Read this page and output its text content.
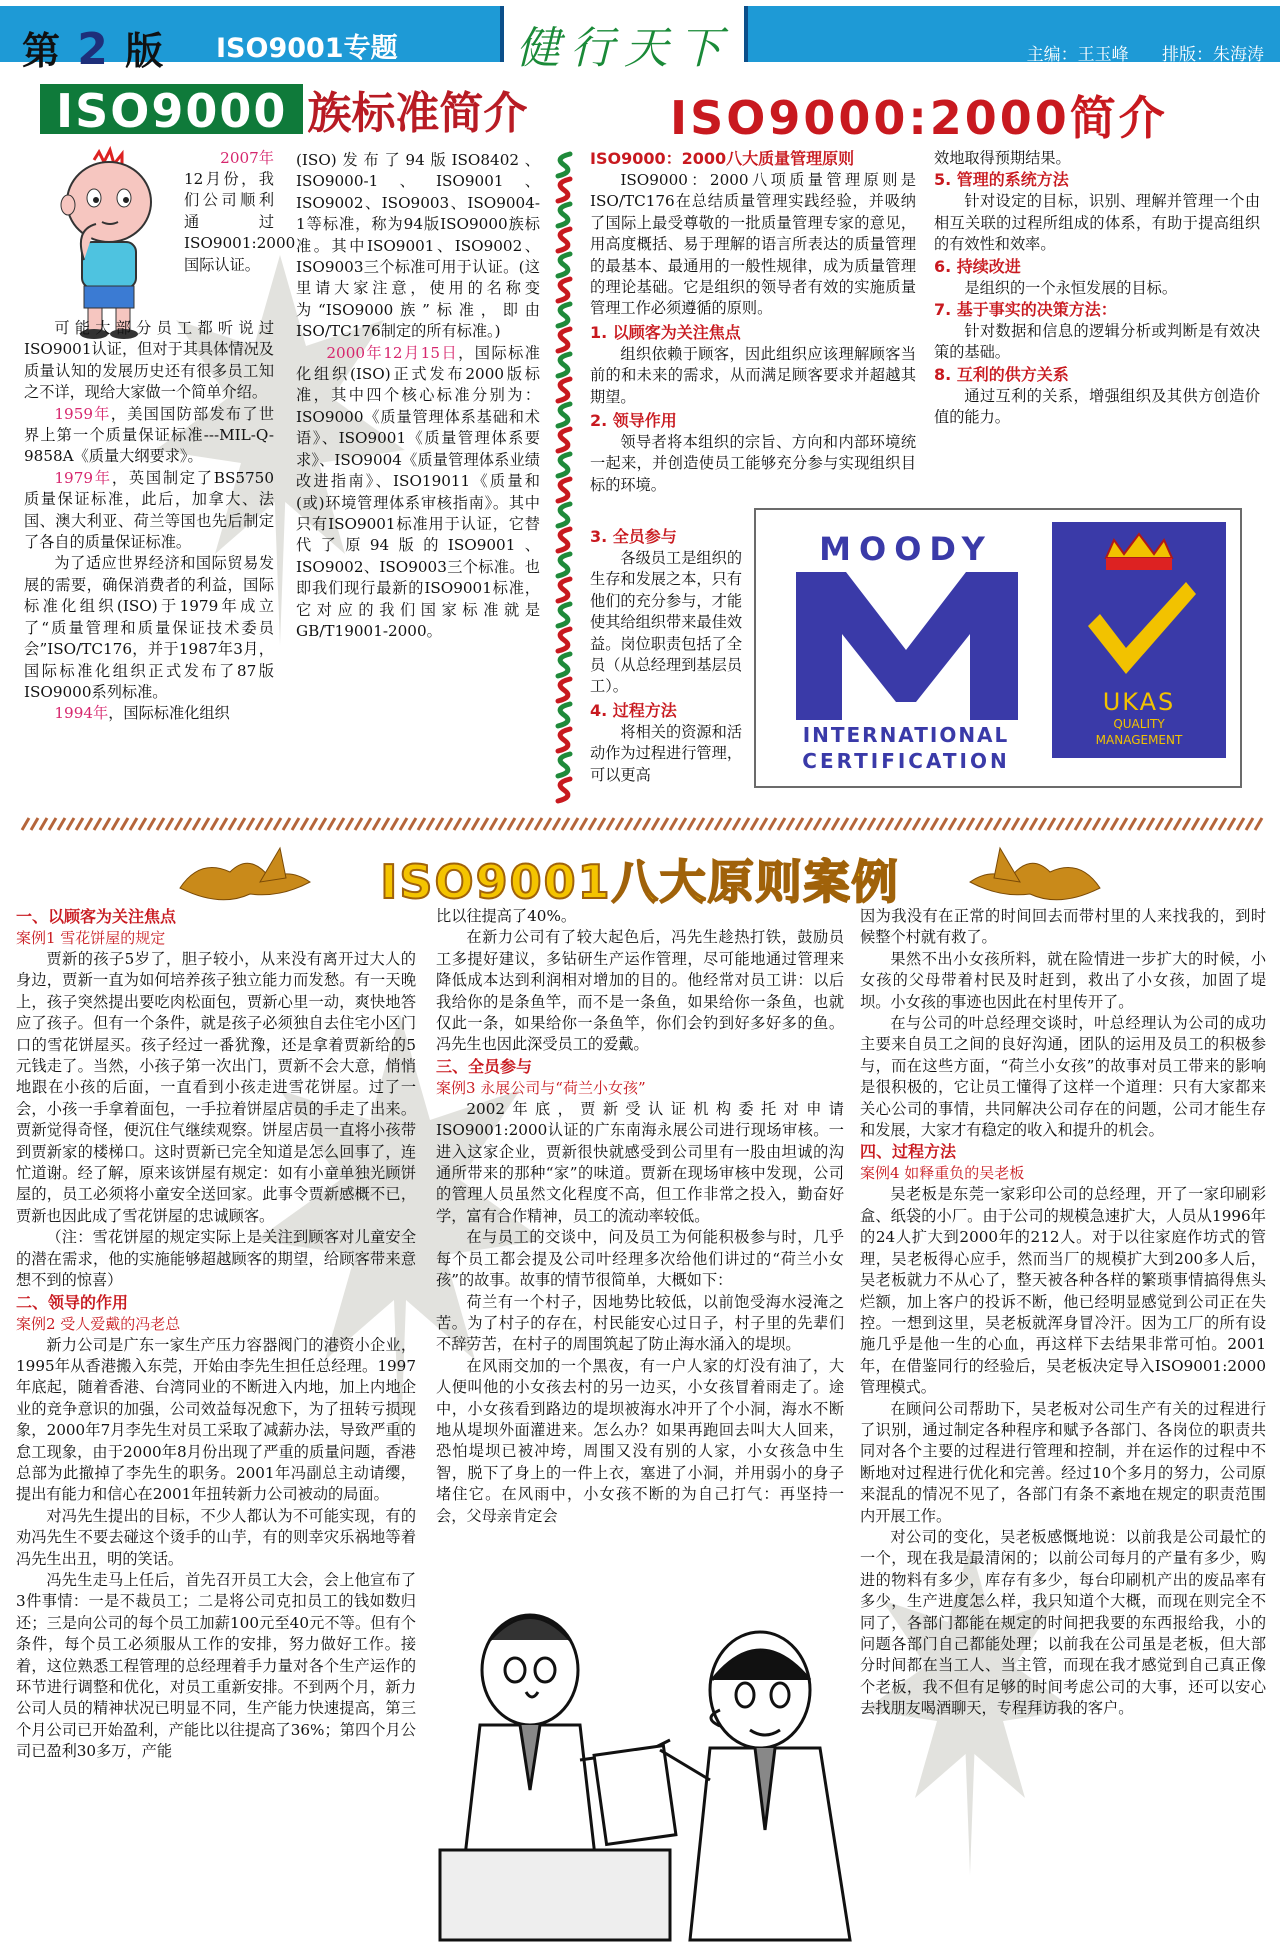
健行天下
第 2 版 ISO9001专题	主编：王玉峰 排版：朱海涛
ISO9000 族标准简介	ISO9000:2000简介

2007年

12月份，我们公司顺利通过ISO9001:2000国际认证。

可能大部分员工都听说过ISO9001认证，但对于其具体情况及质量认知的发展历史还有很多员工知之不详，现给大家做一个简单介绍。

1959年，美国国防部发布了世界上第一个质量保证标准---MIL-Q-9858A《质量大纲要求》。

1979年，英国制定了BS5750质量保证标准，此后，加拿大、法国、澳大利亚、荷兰等国也先后制定了各自的质量保证标准。

为了适应世界经济和国际贸易发展的需要，确保消费者的利益，国际标准化组织(ISO)于1979年成立了“质量管理和质量保证技术委员会”ISO/TC176，并于1987年3月，国际标准化组织正式发布了87版ISO9000系列标准。

1994年，国际标准化组织

(ISO)发布了94版ISO8402、ISO9000-1、ISO9001、ISO9002、ISO9003、ISO9004-1等标准，称为94版ISO9000族标准。其中ISO9001、ISO9002、ISO9003三个标准可用于认证。(这里请大家注意，使用的名称变为“ISO9000族”标准，即由ISO/TC176制定的所有标准。)

2000年12月15日，国际标准化组织(ISO)正式发布2000版标准，其中四个核心标准分别为：ISO9000《质量管理体系基础和术语》、ISO9001《质量管理体系要求》、ISO9004《质量管理体系业绩改进指南》、ISO19011《质量和(或)环境管理体系审核指南》。其中只有ISO9001标准用于认证，它替代了原94版的ISO9001、ISO9002、ISO9003三个标准。也即我们现行最新的ISO9001标准，它对应的我们国家标准就是GB/T19001-2000。

ISO9000：2000八大质量管理原则

ISO9000：2000八项质量管理原则是ISO/TC176在总结质量管理实践经验，并吸纳了国际上最受尊敬的一批质量管理专家的意见，用高度概括、易于理解的语言所表达的质量管理的最基本、最通用的一般性规律，成为质量管理的理论基础。它是组织的领导者有效的实施质量管理工作必须遵循的原则。

1. 以顾客为关注焦点

组织依赖于顾客，因此组织应该理解顾客当前的和未来的需求，从而满足顾客要求并超越其期望。

2. 领导作用

领导者将本组织的宗旨、方向和内部环境统一起来，并创造使员工能够充分参与实现组织目标的环境。

3. 全员参与

各级员工是组织的生存和发展之本，只有他们的充分参与，才能使其给组织带来最佳效益。岗位职责包括了全员（从总经理到基层员工）。

4. 过程方法

将相关的资源和活动作为过程进行管理，可以更高

效地取得预期结果。

5. 管理的系统方法

针对设定的目标，识别、理解并管理一个由相互关联的过程所组成的体系，有助于提高组织的有效性和效率。

6. 持续改进

是组织的一个永恒发展的目标。

7. 基于事实的决策方法：

针对数据和信息的逻辑分析或判断是有效决策的基础。

8. 互利的供方关系

通过互利的关系，增强组织及其供方创造价值的能力。

MOODY
INTERNATIONAL
CERTIFICATION
UKAS
QUALITY
MANAGEMENT
ISO9001八大原则案例
一、以顾客为关注焦点
案例1 雪花饼屋的规定

贾新的孩子5岁了，胆子较小，从来没有离开过大人的身边，贾新一直为如何培养孩子独立能力而发愁。有一天晚上，孩子突然提出要吃肉松面包，贾新心里一动，爽快地答应了孩子。但有一个条件，就是孩子必须独自去住宅小区门口的雪花饼屋买。孩子经过一番犹豫，还是拿着贾新给的5元钱走了。当然，小孩子第一次出门，贾新不会大意，悄悄地跟在小孩的后面，一直看到小孩走进雪花饼屋。过了一会，小孩一手拿着面包，一手拉着饼屋店员的手走了出来。贾新觉得奇怪，便沉住气继续观察。饼屋店员一直将小孩带到贾新家的楼梯口。这时贾新已完全知道是怎么回事了，连忙道谢。经了解，原来该饼屋有规定：如有小童单独光顾饼屋的，员工必须将小童安全送回家。此事令贾新感概不已，贾新也因此成了雪花饼屋的忠诚顾客。

（注：雪花饼屋的规定实际上是关注到顾客对儿童安全的潜在需求，他的实施能够超越顾客的期望，给顾客带来意想不到的惊喜）

二、领导的作用
案例2 受人爱戴的冯老总

新力公司是广东一家生产压力容器阀门的港资小企业，1995年从香港搬入东莞，开始由李先生担任总经理。1997年底起，随着香港、台湾同业的不断进入内地，加上内地企业的竞争意识的加强，公司效益每况愈下，为了扭转亏损现象，2000年7月李先生对员工采取了减薪办法，导致严重的怠工现象，由于2000年8月份出现了严重的质量问题，香港总部为此撤掉了李先生的职务。2001年冯副总主动请缨，提出有能力和信心在2001年扭转新力公司被动的局面。

对冯先生提出的目标，不少人都认为不可能实现，有的劝冯先生不要去碰这个烫手的山芋，有的则幸灾乐祸地等着冯先生出丑，明的笑话。

冯先生走马上任后，首先召开员工大会，会上他宣布了3件事情：一是不裁员工；二是将公司克扣员工的钱如数归还；三是向公司的每个员工加薪100元至40元不等。但有个条件，每个员工必须服从工作的安排，努力做好工作。接着，这位熟悉工程管理的总经理着手力量对各个生产运作的环节进行调整和优化，对员工重新安排。不到两个月，新力公司人员的精神状况已明显不同，生产能力快速提高，第三个月公司已开始盈利，产能比以往提高了36%；第四个月公司已盈利30多万，产能

比以往提高了40%。

在新力公司有了较大起色后，冯先生趁热打铁，鼓励员工多提好建议，多钻研生产运作管理，尽可能地通过管理来降低成本达到利润相对增加的目的。他经常对员工讲：以后我给你的是条鱼竿，而不是一条鱼，如果给你一条鱼，也就仅此一条，如果给你一条鱼竿，你们会钓到好多好多的鱼。冯先生也因此深受员工的爱戴。

三、全员参与
案例3 永展公司与“荷兰小女孩”

2002年底，贾新受认证机构委托对申请ISO9001:2000认证的广东南海永展公司进行现场审核。一进入这家企业，贾新很快就感受到公司里有一股由坦诚的沟通所带来的那种“家”的味道。贾新在现场审核中发现，公司的管理人员虽然文化程度不高，但工作非常之投入，勤奋好学，富有合作精神，员工的流动率较低。

在与员工的交谈中，问及员工为何能积极参与时，几乎每个员工都会提及公司叶经理多次给他们讲过的“荷兰小女孩”的故事。故事的情节很简单，大概如下：

荷兰有一个村子，因地势比较低，以前饱受海水浸淹之苦。为了村子的存在，村民能安心过日子，村子里的先辈们不辞劳苦，在村子的周围筑起了防止海水涌入的堤坝。

在风雨交加的一个黑夜，有一户人家的灯没有油了，大人便叫他的小女孩去村的另一边买，小女孩冒着雨走了。途中，小女孩看到路边的堤坝被海水冲开了个小洞，海水不断地从堤坝外面灌进来。怎么办？如果再跑回去叫大人回来，恐怕堤坝已被冲垮，周围又没有别的人家，小女孩急中生智，脱下了身上的一件上衣，塞进了小洞，并用弱小的身子堵住它。在风雨中，小女孩不断的为自己打气：再坚持一会，父母亲肯定会

因为我没有在正常的时间回去而带村里的人来找我的，到时候整个村就有救了。

果然不出小女孩所料，就在险情进一步扩大的时候，小女孩的父母带着村民及时赶到，救出了小女孩，加固了堤坝。小女孩的事迹也因此在村里传开了。

在与公司的叶总经理交谈时，叶总经理认为公司的成功主要来自员工之间的良好沟通，团队的运用及员工的积极参与，而在这些方面，“荷兰小女孩”的故事对员工带来的影响是很积极的，它让员工懂得了这样一个道理：只有大家都来关心公司的事情，共同解决公司存在的问题，公司才能生存和发展，大家才有稳定的收入和提升的机会。

四、过程方法
案例4 如释重负的吴老板

吴老板是东莞一家彩印公司的总经理，开了一家印刷彩盒、纸袋的小厂。由于公司的规模急速扩大，人员从1996年的24人扩大到2000年的212人。对于以往家庭作坊式的管理，吴老板得心应手，然而当厂的规模扩大到200多人后，吴老板就力不从心了，整天被各种各样的繁琐事情搞得焦头烂额，加上客户的投诉不断，他已经明显感觉到公司正在失控。一想到这里，吴老板就浑身冒冷汗。因为工厂的所有设施几乎是他一生的心血，再这样下去结果非常可怕。2001年，在借鉴同行的经验后，吴老板决定导入ISO9001:2000管理模式。

在顾问公司帮助下，吴老板对公司生产有关的过程进行了识别，通过制定各种程序和赋予各部门、各岗位的职责共同对各个主要的过程进行管理和控制，并在运作的过程中不断地对过程进行优化和完善。经过10个多月的努力，公司原来混乱的情况不见了，各部门有条不紊地在规定的职责范围内开展工作。

对公司的变化，吴老板感慨地说：以前我是公司最忙的一个，现在我是最清闲的；以前公司每月的产量有多少，购进的物料有多少，库存有多少，每台印刷机产出的废品率有多少，生产进度怎么样，我只知道个大概，而现在则完全不同了，各部门都能在规定的时间把我要的东西报给我，小的问题各部门自己都能处理；以前我在公司虽是老板，但大部分时间都在当工人、当主管，而现在我才感觉到自己真正像个老板，我不但有足够的时间考虑公司的大事，还可以安心去找朋友喝酒聊天，专程拜访我的客户。
